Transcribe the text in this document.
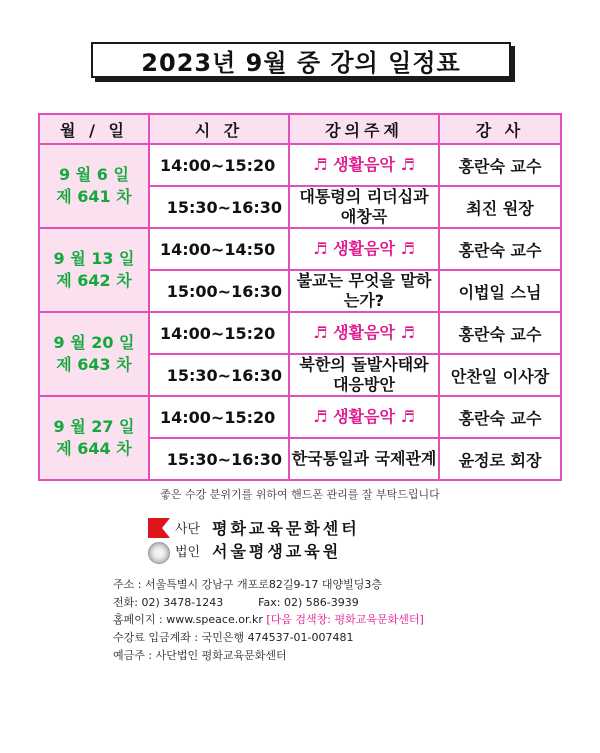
2023년 9월 중 강의 일정표
월 / 일	시 간	강의주제	강 사

9 월 6 일
제 641 차	14:00~15:20	♬ 생활음악 ♬	홍란숙 교수
	15:30~16:30	대통령의 리더십과 애창곡	최진 원장

9 월 13 일
제 642 차	14:00~14:50	♬ 생활음악 ♬	홍란숙 교수
	15:00~16:30	불교는 무엇을 말하는가?	이법일 스님

9 월 20 일
제 643 차	14:00~15:20	♬ 생활음악 ♬	홍란숙 교수
	15:30~16:30	북한의 돌발사태와 대응방안	안찬일 이사장

9 월 27 일
제 644 차	14:00~15:20	♬ 생활음악 ♬	홍란숙 교수
	15:30~16:30	한국통일과 국제관계	윤정로 회장
좋은 수강 분위기를 위하여 핸드폰 관리를 잘 부탁드립니다
사단
법인
평화교육문화센터
서울평생교육원
주소 : 서울특별시 강남구 개포로82길9-17 대양빌딩3층
전화: 02) 3478-1243	Fax: 02) 586-3939
홈페이지 : www.speace.or.kr [다음 검색창: 평화교육문화센터]
수강료 입금계좌 : 국민은행 474537-01-007481
예금주 : 사단법인 평화교육문화센터
